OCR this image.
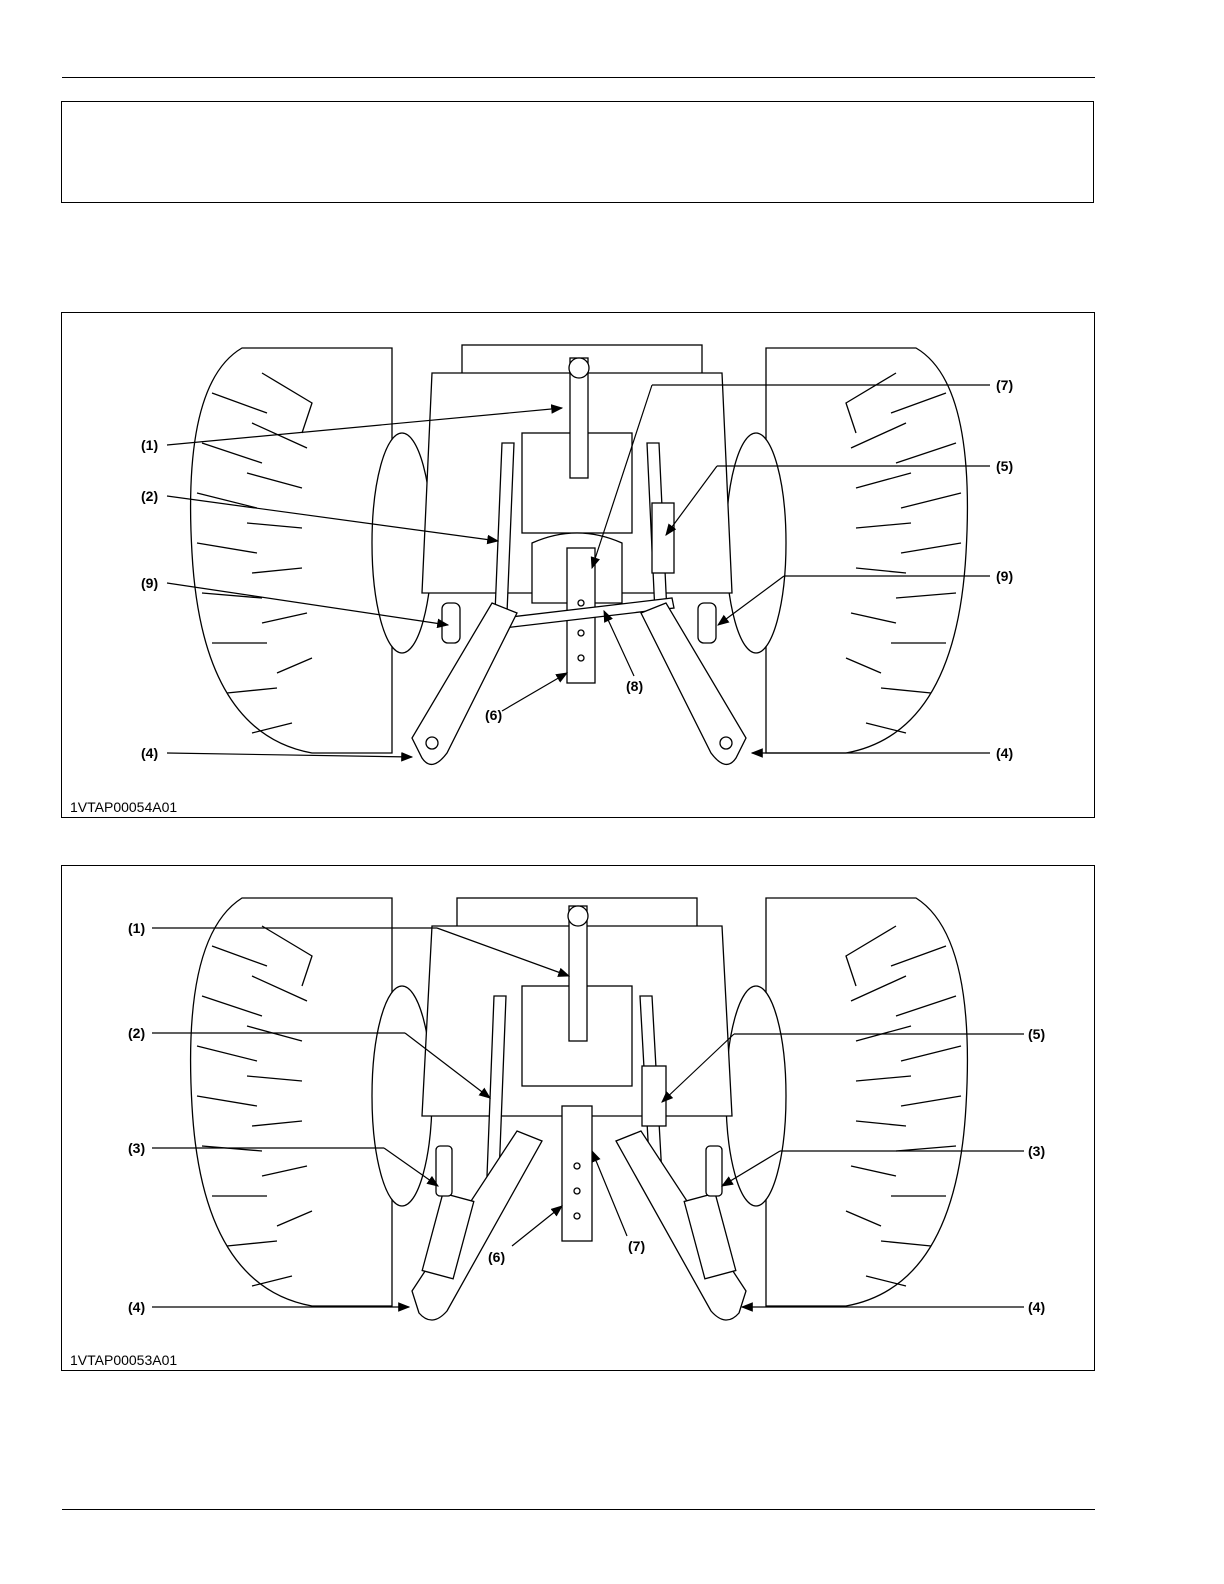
(1)
(2)
(9)
(4)
(7)
(5)
(9)
(4)
(6)
(8)
1VTAP00054A01
(1)
(2)
(3)
(4)
(5)
(3)
(4)
(6)
(7)
1VTAP00053A01
